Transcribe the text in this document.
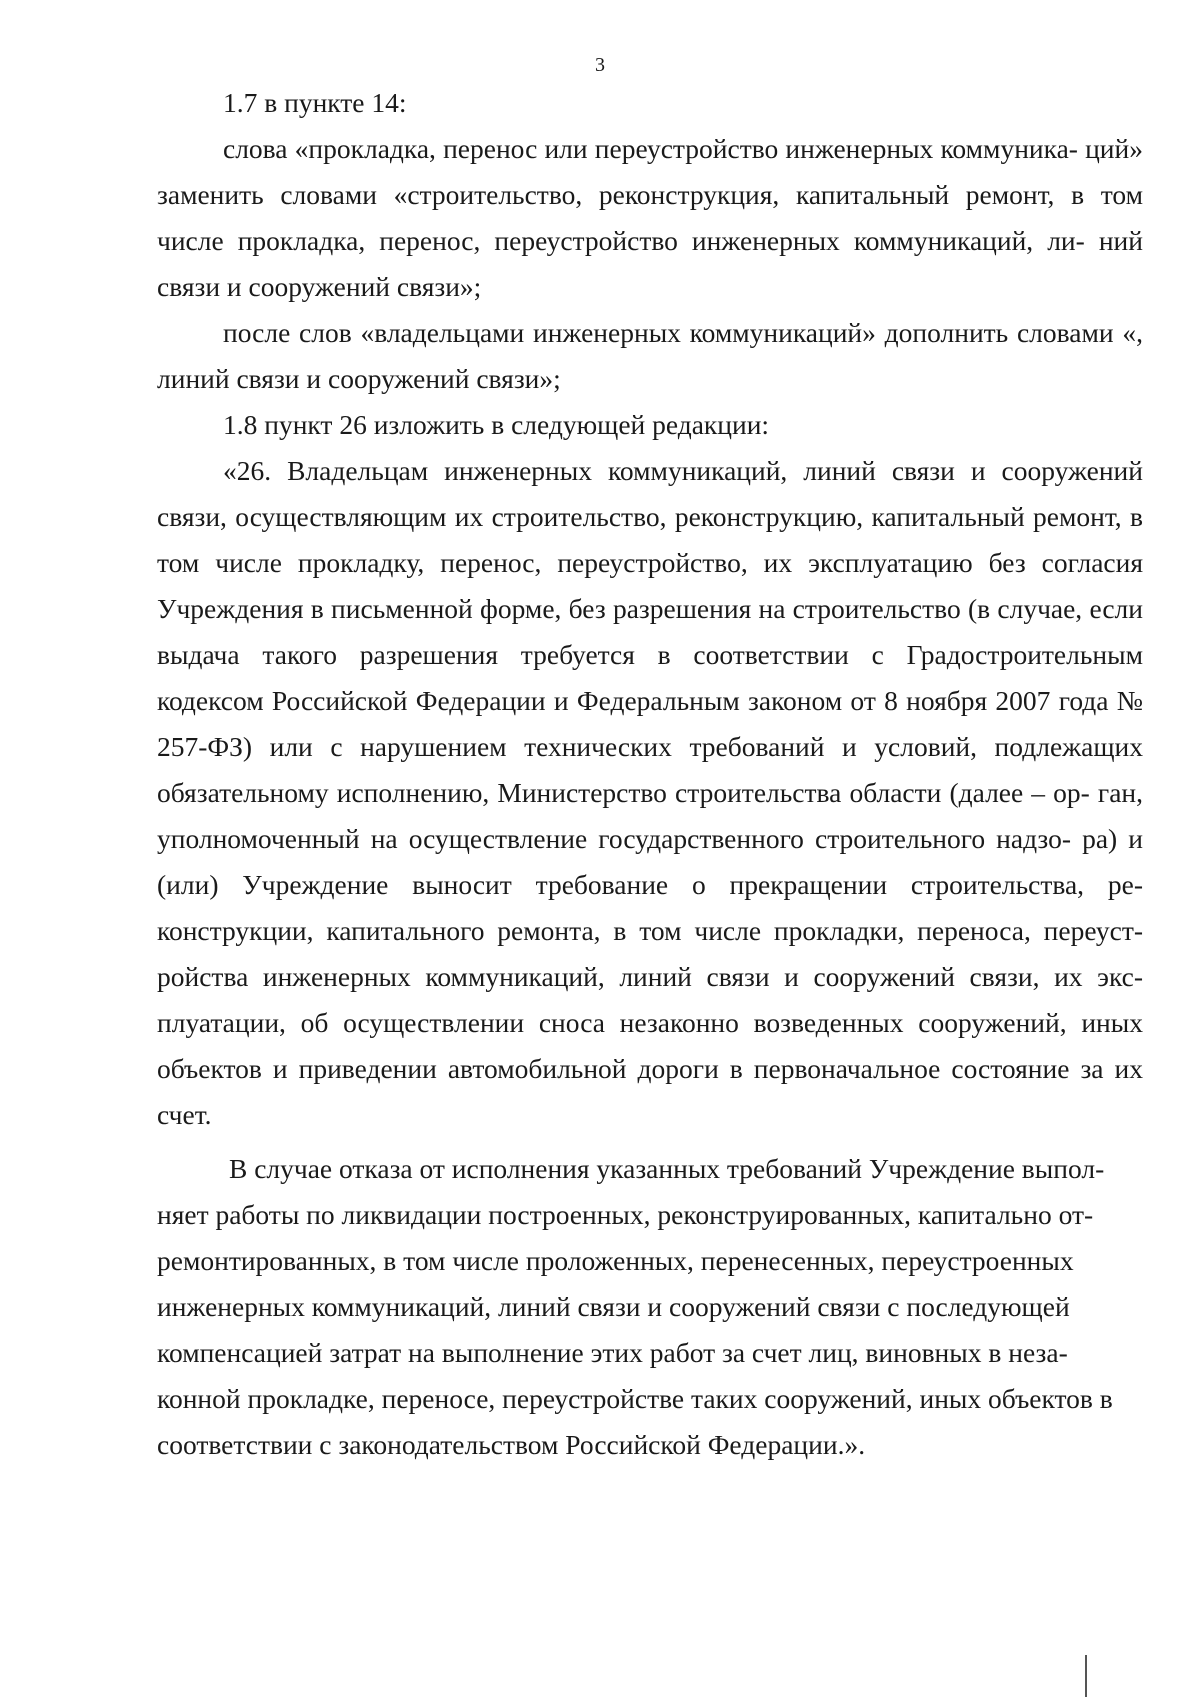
3

1.7 в пункте 14:

слова «прокладка, перенос или переустройство инженерных коммуника- ций» заменить словами «строительство, реконструкция, капитальный ремонт, в том числе прокладка, перенос, переустройство инженерных коммуникаций, ли- ний связи и сооружений связи»;

после слов «владельцами инженерных коммуникаций» дополнить словами «, линий связи и сооружений связи»;

1.8 пункт 26 изложить в следующей редакции:

«26. Владельцам инженерных коммуникаций, линий связи и сооружений связи, осуществляющим их строительство, реконструкцию, капитальный ремонт, в том числе прокладку, перенос, переустройство, их эксплуатацию без согласия Учреждения в письменной форме, без разрешения на строительство (в случае, если выдача такого разрешения требуется в соответствии с Градостроительным кодексом Российской Федерации и Федеральным законом от 8 ноября 2007 года № 257-ФЗ) или с нарушением технических требований и условий, подлежащих обязательному исполнению, Министерство строительства области (далее – ор- ган, уполномоченный на осуществление государственного строительного надзо- ра) и (или) Учреждение выносит требование о прекращении строительства, ре- конструкции, капитального ремонта, в том числе прокладки, переноса, переуст- ройства инженерных коммуникаций, линий связи и сооружений связи, их экс- плуатации, об осуществлении сноса незаконно возведенных сооружений, иных объектов и приведении автомобильной дороги в первоначальное состояние за их счет.

В случае отказа от исполнения указанных требований Учреждение выпол- няет работы по ликвидации построенных, реконструированных, капитально от- ремонтированных, в том числе проложенных, перенесенных, переустроенных инженерных коммуникаций, линий связи и сооружений связи с последующей компенсацией затрат на выполнение этих работ за счет лиц, виновных в неза- конной прокладке, переносе, переустройстве таких сооружений, иных объектов в соответствии с законодательством Российской Федерации.».
